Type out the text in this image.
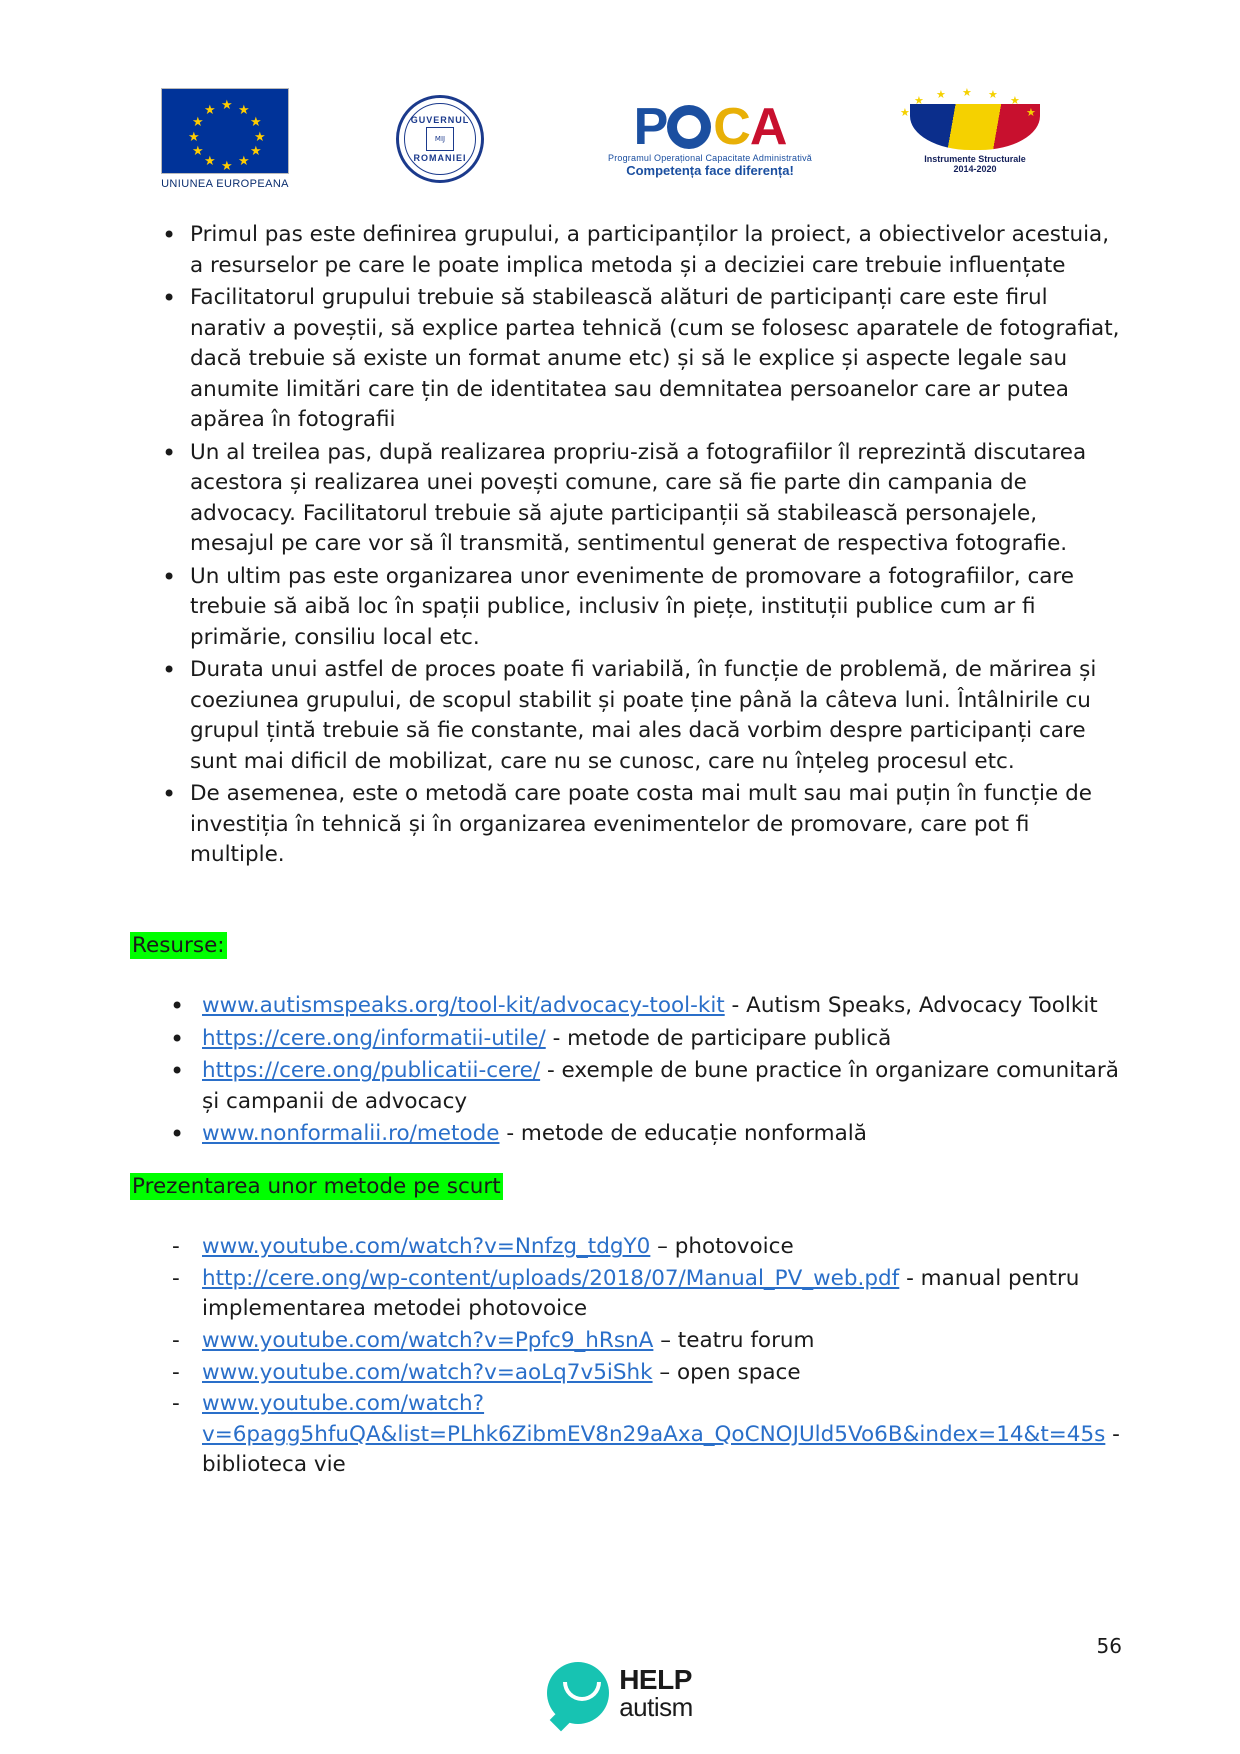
★
★ ★
★	★
★	★
★	★
★ ★
★
UNIUNEA EUROPEANA
GUVERNUL
MIJ
ROMANIEI
P C A
Programul Operațional Capacitate Administrativă
Competența face diferența!
★
★ ★ ★ ★ ★
★
Instrumente Structurale
2014-2020
• Primul pas este definirea grupului, a participanților la proiect, a obiectivelor acestuia, a resurselor pe care le poate implica metoda și a deciziei care trebuie influențate
• Facilitatorul grupului trebuie să stabilească alături de participanți care este firul narativ a poveștii, să explice partea tehnică (cum se folosesc aparatele de fotografiat, dacă trebuie să existe un format anume etc) și să le explice și aspecte legale sau anumite limitări care țin de identitatea sau demnitatea persoanelor care ar putea apărea în fotografii
• Un al treilea pas, după realizarea propriu-zisă a fotografiilor îl reprezintă discutarea acestora și realizarea unei povești comune, care să fie parte din campania de advocacy. Facilitatorul trebuie să ajute participanții să stabilească personajele, mesajul pe care vor să îl transmită, sentimentul generat de respectiva fotografie.
• Un ultim pas este organizarea unor evenimente de promovare a fotografiilor, care trebuie să aibă loc în spații publice, inclusiv în piețe, instituții publice cum ar fi primărie, consiliu local etc.
• Durata unui astfel de proces poate fi variabilă, în funcție de problemă, de mărirea și coeziunea grupului, de scopul stabilit și poate ține până la câteva luni. Întâlnirile cu grupul țintă trebuie să fie constante, mai ales dacă vorbim despre participanți care sunt mai dificil de mobilizat, care nu se cunosc, care nu înțeleg procesul etc.
• De asemenea, este o metodă care poate costa mai mult sau mai puțin în funcție de investiția în tehnică și în organizarea evenimentelor de promovare, care pot fi multiple.
Resurse:
• www.autismspeaks.org/tool-kit/advocacy-tool-kit - Autism Speaks, Advocacy Toolkit
• https://cere.ong/informatii-utile/ - metode de participare publică
• https://cere.ong/publicatii-cere/ - exemple de bune practice în organizare comunitară și campanii de advocacy
• www.nonformalii.ro/metode - metode de educație nonformală
Prezentarea unor metode pe scurt
- www.youtube.com/watch?v=Nnfzg_tdgY0 – photovoice
- http://cere.ong/wp-content/uploads/2018/07/Manual_PV_web.pdf - manual pentru implementarea metodei photovoice
- www.youtube.com/watch?v=Ppfc9_hRsnA – teatru forum
- www.youtube.com/watch?v=aoLq7v5iShk – open space
- www.youtube.com/watch?v=6pagg5hfuQA&list=PLhk6ZibmEV8n29aAxa_QoCNOJUld5Vo6B&index=14&t=45s - biblioteca vie
56
HELP
autism
